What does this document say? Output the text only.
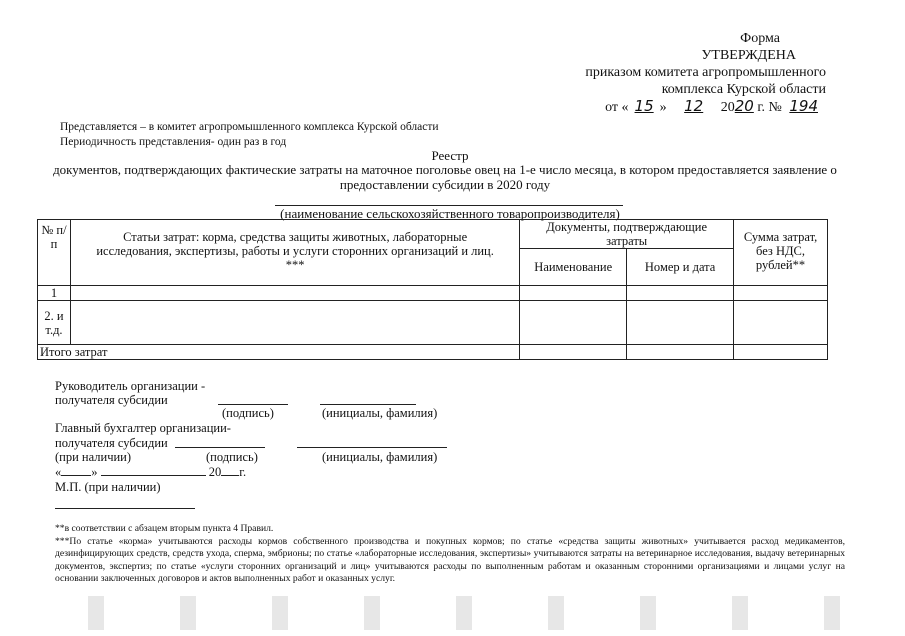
Форма
УТВЕРЖДЕНА
приказом комитета агропромышленного
комплекса Курской области
от « 15 » 12 2020 г. № 194
Представляется – в комитет агропромышленного комплекса Курской области
Периодичность представления- один раз в год
Реестр
документов, подтверждающих фактические затраты на маточное поголовье овец на 1-е число месяца, в котором предоставляется заявление о
предоставлении субсидии в 2020 году
(наименование сельскохозяйственного товаропроизводителя)
№ п/п	Статьи затрат: корма, средства защиты животных, лабораторные исследования, экспертизы, работы и услуги сторонних организаций и лиц. ***	Документы, подтверждающие затраты		Сумма затрат, без НДС, рублей**
		Наименование	Номер и дата	
1				
2. и т.д.				
Итого затрат				
Руководитель организации -
получателя субсидии
(подпись)	(инициалы, фамилия)
Главный бухгалтер организации-
получателя субсидии
(при наличии)	(подпись)	(инициалы, фамилия)
« »	20 г.
М.П. (при наличии)
**в соответствии с абзацем вторым пункта 4 Правил.
***По статье «корма» учитываются расходы кормов собственного производства и покупных кормов; по статье «средства защиты животных» учитывается расход медикаментов, дезинфицирующих средств, средств ухода, сперма, эмбрионы; по статье «лабораторные исследования, экспертизы» учитываются затраты на ветеринарное исследования, выдачу ветеринарных документов, экспертиз; по статье «услуги сторонних организаций и лиц» учитываются расходы по выполненным работам и оказанным сторонними организациями и лицами услуг на основании заключенных договоров и актов выполненных работ и оказанных услуг.
